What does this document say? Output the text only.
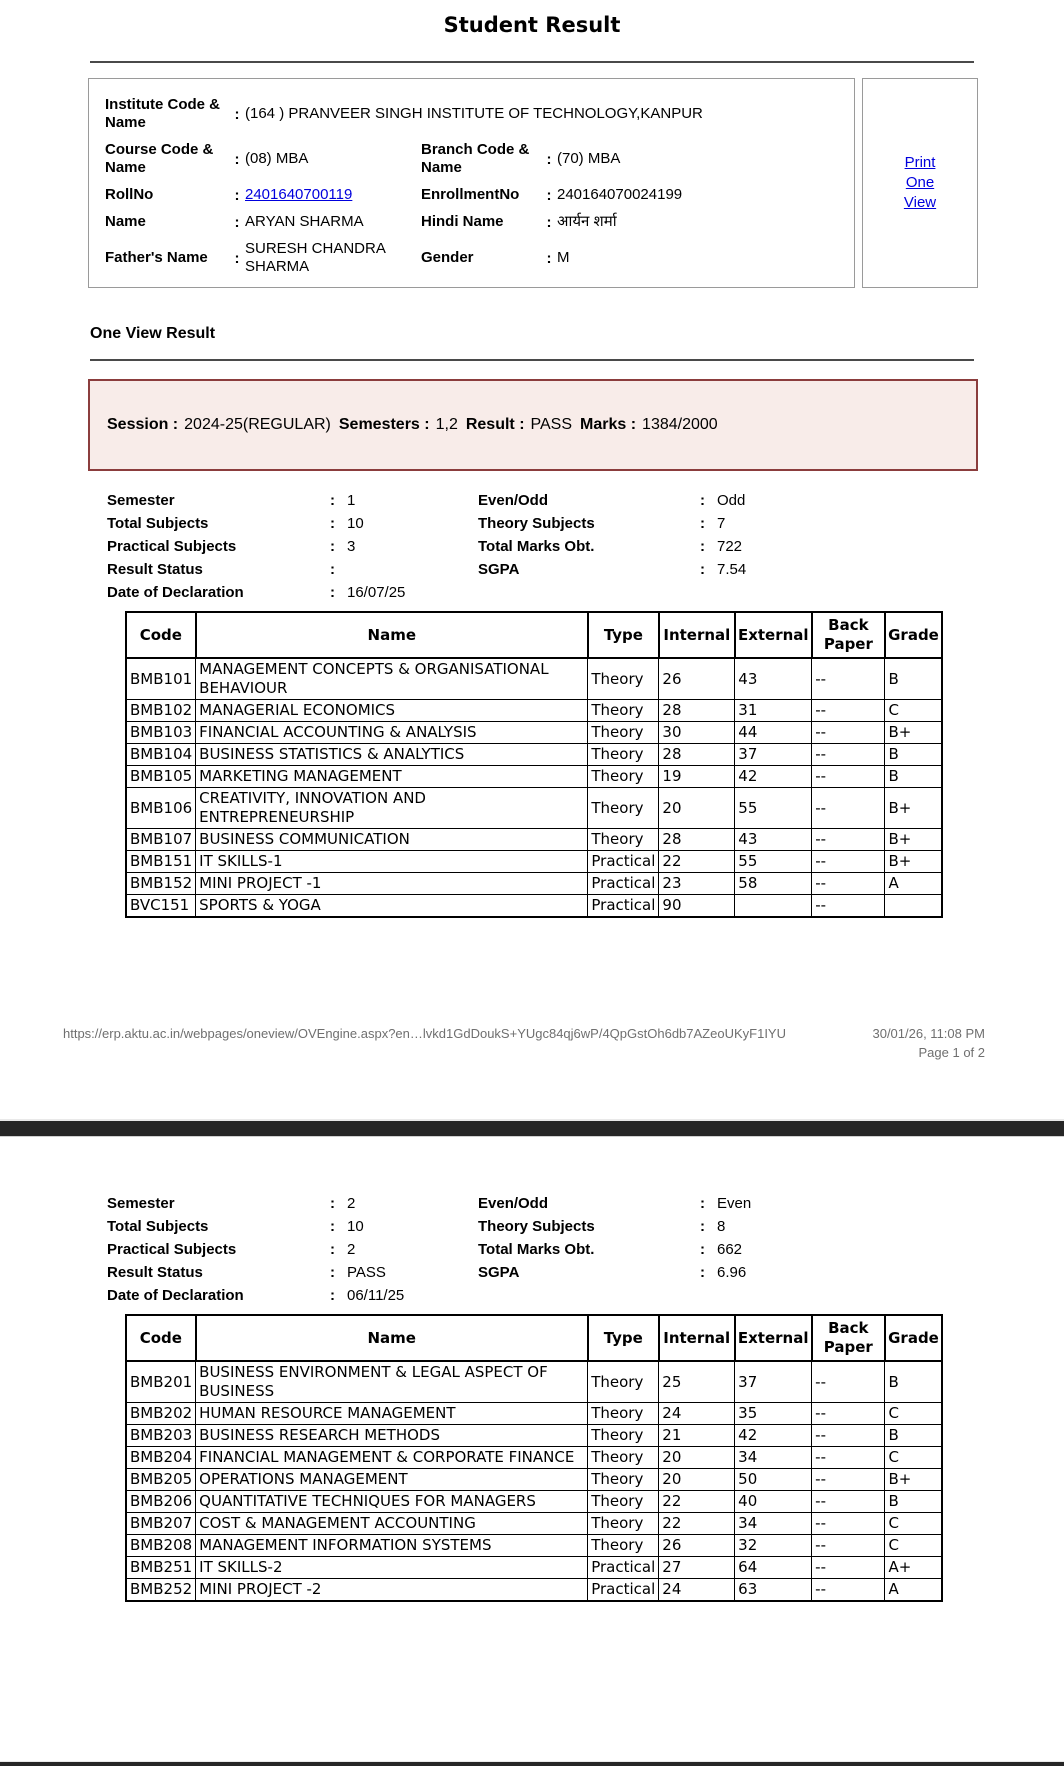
Student Result
Institute Code & Name	: (164 ) PRANVEER SINGH INSTITUTE OF TECHNOLOGY,KANPUR
Course Code & Name	: (08) MBA
Branch Code & Name	: (70) MBA
RollNo	: 2401640700119	EnrollmentNo	: 240164070024199
Name	: ARYAN SHARMA	Hindi Name	: आर्यन शर्मा
Father's Name	:
SURESH CHANDRA SHARMA
Gender	: M
Print One View
One View Result
Session : 2024-25(REGULAR) Semesters : 1,2 Result : PASS Marks : 1384/2000
Semester	: 1	Even/Odd	: Odd
Total Subjects	: 10	Theory Subjects	: 7
Practical Subjects	: 3	Total Marks Obt.	: 722
Result Status	:	SGPA	: 7.54
Date of Declaration	: 16/07/25
Code	Name	Type	Internal	External	Back Paper	Grade
BMB101	MANAGEMENT CONCEPTS & ORGANISATIONAL BEHAVIOUR	Theory	26	43	--	B
BMB102	MANAGERIAL ECONOMICS	Theory	28	31	--	C
BMB103	FINANCIAL ACCOUNTING & ANALYSIS	Theory	30	44	--	B+
BMB104	BUSINESS STATISTICS & ANALYTICS	Theory	28	37	--	B
BMB105	MARKETING MANAGEMENT	Theory	19	42	--	B
BMB106	CREATIVITY, INNOVATION AND ENTREPRENEURSHIP	Theory	20	55	--	B+
BMB107	BUSINESS COMMUNICATION	Theory	28	43	--	B+
BMB151	IT SKILLS-1	Practical	22	55	--	B+
BMB152	MINI PROJECT -1	Practical	23	58	--	A
BVC151	SPORTS & YOGA	Practical	90		--	
https://erp.aktu.ac.in/webpages/oneview/OVEngine.aspx?en…lvkd1GdDoukS+YUgc84qj6wP/4QpGstOh6db7AZeoUKyF1IYU	30/01/26, 11:08 PM
Page 1 of 2
Semester	: 2	Even/Odd	: Even
Total Subjects	: 10	Theory Subjects	: 8
Practical Subjects	: 2	Total Marks Obt.	: 662
Result Status	: PASS	SGPA	: 6.96
Date of Declaration	: 06/11/25
Code	Name	Type	Internal	External	Back Paper	Grade
BMB201	BUSINESS ENVIRONMENT & LEGAL ASPECT OF BUSINESS	Theory	25	37	--	B
BMB202	HUMAN RESOURCE MANAGEMENT	Theory	24	35	--	C
BMB203	BUSINESS RESEARCH METHODS	Theory	21	42	--	B
BMB204	FINANCIAL MANAGEMENT & CORPORATE FINANCE	Theory	20	34	--	C
BMB205	OPERATIONS MANAGEMENT	Theory	20	50	--	B+
BMB206	QUANTITATIVE TECHNIQUES FOR MANAGERS	Theory	22	40	--	B
BMB207	COST & MANAGEMENT ACCOUNTING	Theory	22	34	--	C
BMB208	MANAGEMENT INFORMATION SYSTEMS	Theory	26	32	--	C
BMB251	IT SKILLS-2	Practical	27	64	--	A+
BMB252	MINI PROJECT -2	Practical	24	63	--	A
